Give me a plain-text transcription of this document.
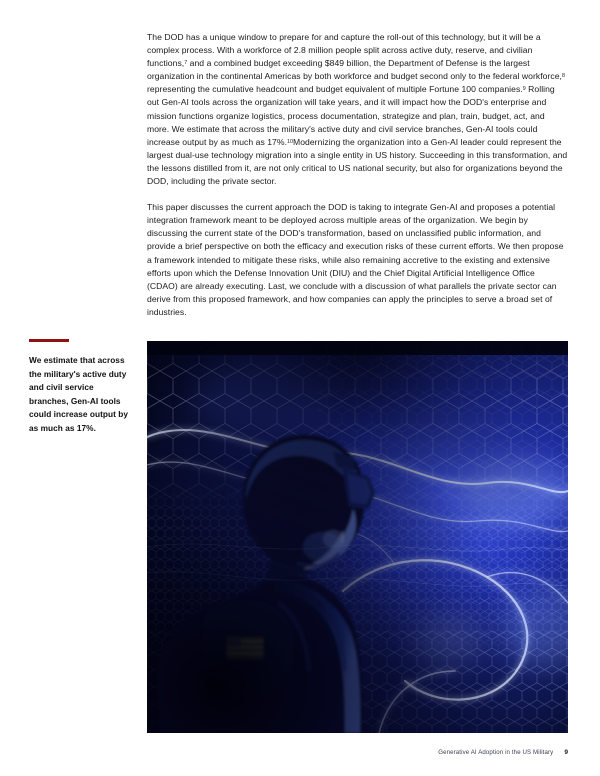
The DOD has a unique window to prepare for and capture the roll-out of this technology, but it will be a complex process. With a workforce of 2.8 million people split across active duty, reserve, and civilian functions,$^7$ and a combined budget exceeding $849 billion, the Department of Defense is the largest organization in the continental Americas by both workforce and budget second only to the federal workforce,$^8$ representing the cumulative headcount and budget equivalent of multiple Fortune 100 companies.$^9$ Rolling out Gen-AI tools across the organization will take years, and it will impact how the DOD's enterprise and mission functions organize logistics, process documentation, strategize and plan, train, budget, act, and more. We estimate that across the military's active duty and civil service branches, Gen-AI tools could increase output by as much as 17%.$^{10}$Modernizing the organization into a Gen-AI leader could represent the largest dual-use technology migration into a single entity in US history. Succeeding in this transformation, and the lessons distilled from it, are not only critical to US national security, but also for organizations beyond the DOD, including the private sector.

This paper discusses the current approach the DOD is taking to integrate Gen-AI and proposes a potential integration framework meant to be deployed across multiple areas of the organization. We begin by discussing the current state of the DOD's transformation, based on unclassified public information, and provide a brief perspective on both the efficacy and execution risks of these current efforts. We then propose a framework intended to mitigate these risks, while also remaining accretive to the existing and extensive efforts upon which the Defense Innovation Unit (DIU) and the Chief Digital Artificial Intelligence Office (CDAO) are already executing. Last, we conclude with a discussion of what parallels the private sector can derive from this proposed framework, and how companies can apply the principles to serve a broad set of industries.

We estimate that across the military's active duty and civil service branches, Gen-AI tools could increase output by as much as 17%.
Generative AI Adoption in the US Military 9
